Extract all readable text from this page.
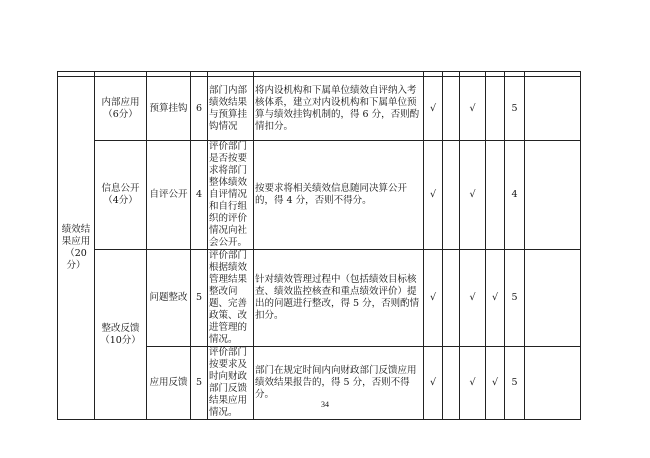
绩效结果应用（20分）	内部应用（6分）	预算挂钩	6	部门内部绩效结果与预算挂钩情况	将内设机构和下属单位绩效自评纳入考核体系，建立对内设机构和下属单位预算与绩效挂钩机制的，得 6 分，否则酌情扣分。	√		√		5	
	信息公开（4分）	自评公开	4	评价部门是否按要求将部门整体绩效自评情况和自行组织的评价情况向社会公开。	按要求将相关绩效信息随同决算公开的，得 4 分，否则不得分。	√		√		4	
	整改反馈（10分）	问题整改	5	评价部门根据绩效管理结果整改问题、完善政策、改进管理的情况。	针对绩效管理过程中（包括绩效目标核查、绩效监控核查和重点绩效评价）提出的问题进行整改，得 5 分，否则酌情扣分。	√		√	√	5	
		应用反馈	5	评价部门按要求及时向财政部门反馈结果应用情况。	部门在规定时间内向财政部门反馈应用绩效结果报告的，得 5 分，否则不得分。	√		√	√	5	
34
